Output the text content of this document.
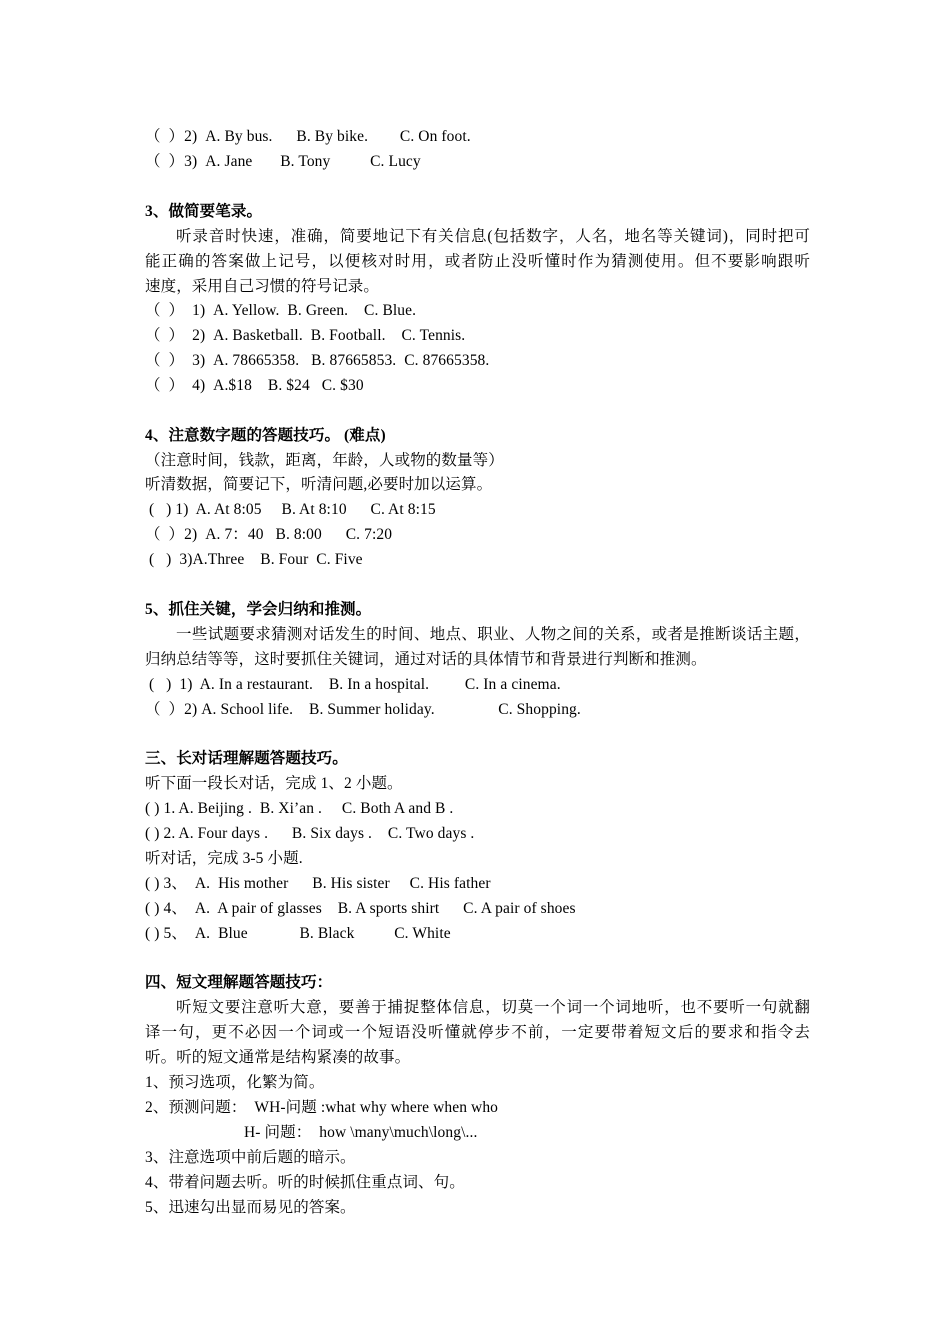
（  ）2)  A. By bus.      B. By bike.        C. On foot.
（  ）3)  A. Jane       B. Tony          C. Lucy
3、做简要笔录。
听录音时快速，准确，简要地记下有关信息(包括数字，人名，地名等关键词)，同时把可
能正确的答案做上记号，以便核对时用，或者防止没听懂时作为猜测使用。但不要影响跟听
速度，采用自己习惯的符号记录。
（  ）  1)  A. Yellow.  B. Green.    C. Blue.
（  ）  2)  A. Basketball.  B. Football.    C. Tennis.
（  ）  3)  A. 78665358.   B. 87665853.  C. 87665358.
（  ）  4)  A.$18    B. $24   C. $30
4、注意数字题的答题技巧。 (难点)
（注意时间，钱款，距离，年龄，人或物的数量等）
听清数据，简要记下，听清问题,必要时加以运算。
(   ) 1)  A. At 8:05     B. At 8:10      C. At 8:15
（  ）2)  A. 7：40   B. 8:00      C. 7:20
(   )  3)A.Three    B. Four  C. Five
5、抓住关键，学会归纳和推测。
一些试题要求猜测对话发生的时间、地点、职业、人物之间的关系，或者是推断谈话主题，
归纳总结等等，这时要抓住关键词，通过对话的具体情节和背景进行判断和推测。
(   )  1)  A. In a restaurant.    B. In a hospital.         C. In a cinema.
（  ）2) A. School life.    B. Summer holiday.                C. Shopping.
三、长对话理解题答题技巧。
听下面一段长对话，完成 1、2 小题。
( ) 1. A. Beijing .  B. Xi’an .     C. Both A and B .
( ) 2. A. Four days .      B. Six days .    C. Two days .
听对话，完成 3-5 小题.
( ) 3、  A.  His mother      B. His sister     C. His father
( ) 4、  A.  A pair of glasses    B. A sports shirt      C. A pair of shoes
( ) 5、  A.  Blue             B. Black          C. White
四、短文理解题答题技巧：
听短文要注意听大意，要善于捕捉整体信息，切莫一个词一个词地听，也不要听一句就翻
译一句，更不必因一个词或一个短语没听懂就停步不前，一定要带着短文后的要求和指令去
听。听的短文通常是结构紧凑的故事。
1、预习选项，化繁为简。
2、预测问题：  WH-问题 :what why where when who
H- 问题：  how \many\much\long\...
3、注意选项中前后题的暗示。
4、带着问题去听。听的时候抓住重点词、句。
5、迅速勾出显而易见的答案。
